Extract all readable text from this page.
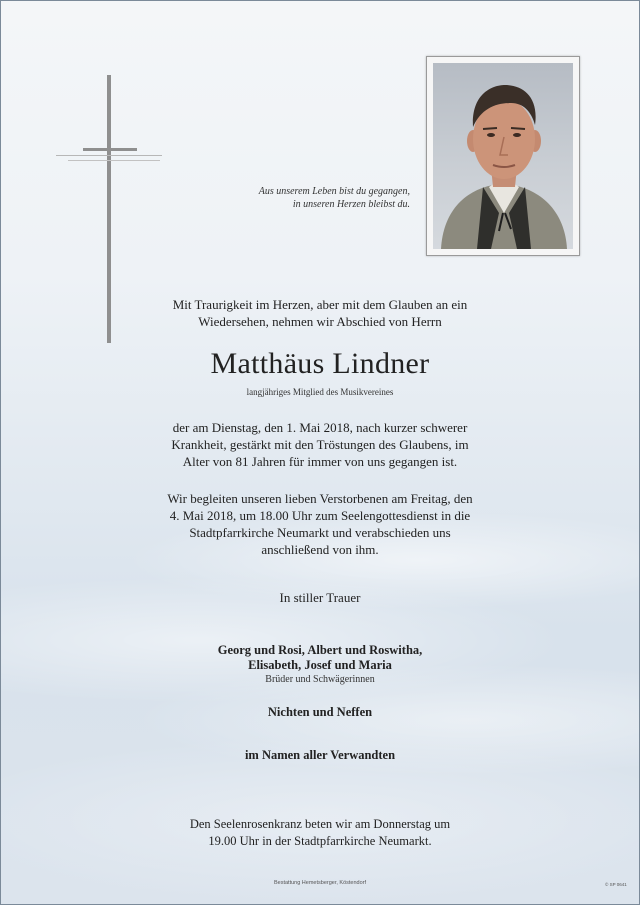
Aus unserem Leben bist du gegangen,
in unseren Herzen bleibst du.
Mit Traurigkeit im Herzen, aber mit dem Glauben an ein
Wiedersehen, nehmen wir Abschied von Herrn
Matthäus Lindner
langjähriges Mitglied des Musikvereines
der am Dienstag, den 1. Mai 2018, nach kurzer schwerer
Krankheit, gestärkt mit den Tröstungen des Glaubens, im
Alter von 81 Jahren für immer von uns gegangen ist.
Wir begleiten unseren lieben Verstorbenen am Freitag, den
4. Mai 2018, um 18.00 Uhr zum Seelengottesdienst in die
Stadtpfarrkirche Neumarkt und verabschieden uns
anschließend von ihm.
In stiller Trauer
Georg und Rosi, Albert und Roswitha,
Elisabeth, Josef und Maria
Brüder und Schwägerinnen
Nichten und Neffen
im Namen aller Verwandten
Den Seelenrosenkranz beten wir am Donnerstag um
19.00 Uhr in der Stadtpfarrkirche Neumarkt.
Bestattung Hemetsberger, Köstendorf	© SP 0641
